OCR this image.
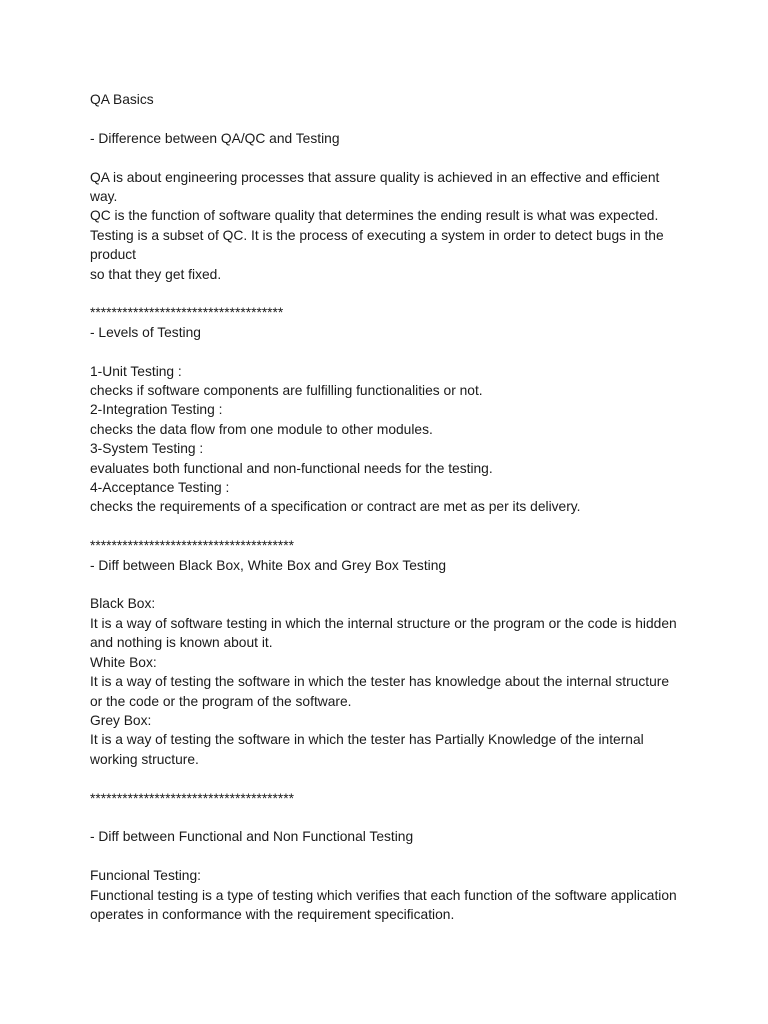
QA Basics
- Difference between QA/QC and Testing
QA is about engineering processes that assure quality is achieved in an effective and efficient
way.
QC is the function of software quality that determines the ending result is what was expected.
Testing is a subset of QC. It is the process of executing a system in order to detect bugs in the
product
so that they get fixed.
************************************
- Levels of Testing
1-Unit Testing :
checks if software components are fulfilling functionalities or not.
2-Integration Testing :
checks the data flow from one module to other modules.
3-System Testing :
evaluates both functional and non-functional needs for the testing.
4-Acceptance Testing :
checks the requirements of a specification or contract are met as per its delivery.
**************************************
- Diff between Black Box, White Box and Grey Box Testing
Black Box:
It is a way of software testing in which the internal structure or the program or the code is hidden
and nothing is known about it.
White Box:
It is a way of testing the software in which the tester has knowledge about the internal structure
or the code or the program of the software.
Grey Box:
It is a way of testing the software in which the tester has Partially Knowledge of the internal
working structure.
**************************************
- Diff between Functional and Non Functional Testing
Funcional Testing:
Functional testing is a type of testing which verifies that each function of the software application
operates in conformance with the requirement specification.
